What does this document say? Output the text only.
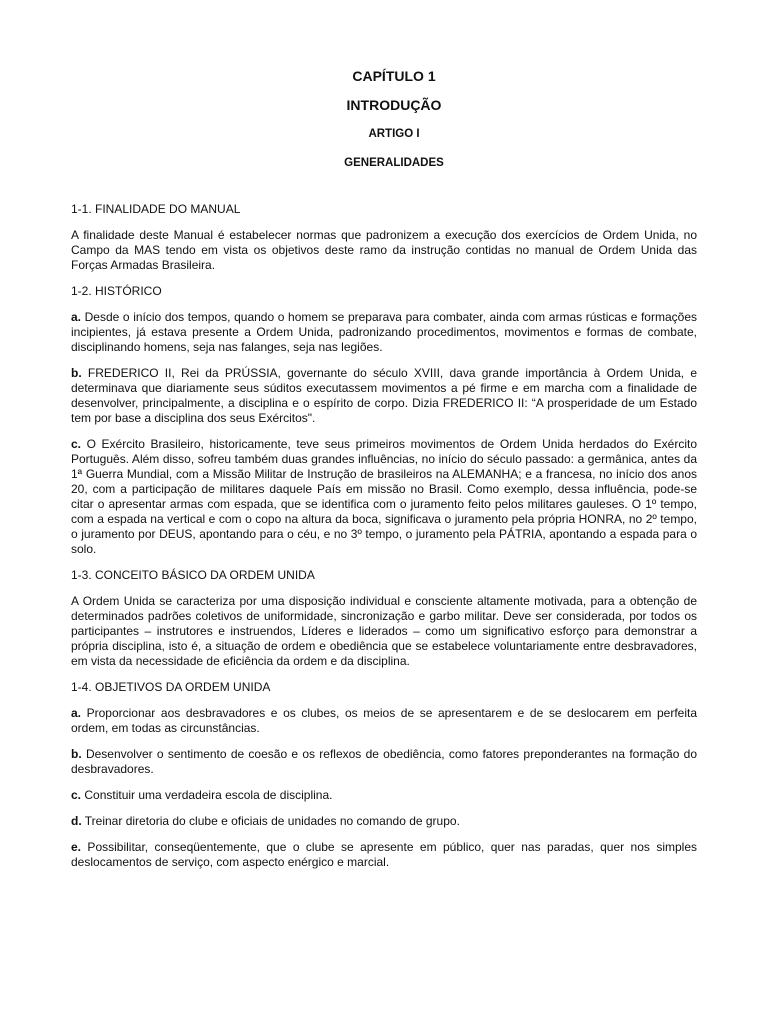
CAPÍTULO 1

INTRODUÇÃO

ARTIGO I

GENERALIDADES

1-1. FINALIDADE DO MANUAL

A finalidade deste Manual é estabelecer normas que padronizem a execução dos exercícios de Ordem Unida, no Campo da MAS tendo em vista os objetivos deste ramo da instrução contidas no manual de Ordem Unida das Forças Armadas Brasileira.

1-2. HISTÓRICO

a. Desde o início dos tempos, quando o homem se preparava para combater, ainda com armas rústicas e formações incipientes, já estava presente a Ordem Unida, padronizando procedimentos, movimentos e formas de combate, disciplinando homens, seja nas falanges, seja nas legiões.

b. FREDERICO II, Rei da PRÚSSIA, governante do século XVIII, dava grande importância à Ordem Unida, e determinava que diariamente seus súditos executassem movimentos a pé firme e em marcha com a finalidade de desenvolver, principalmente, a disciplina e o espírito de corpo. Dizia FREDERICO II: “A prosperidade de um Estado tem por base a disciplina dos seus Exércitos".

c. O Exército Brasileiro, historicamente, teve seus primeiros movimentos de Ordem Unida herdados do Exército Português. Além disso, sofreu também duas grandes influências, no início do século passado: a germânica, antes da 1ª Guerra Mundial, com a Missão Militar de Instrução de brasileiros na ALEMANHA; e a francesa, no início dos anos 20, com a participação de militares daquele País em missão no Brasil. Como exemplo, dessa influência, pode-se citar o apresentar armas com espada, que se identifica com o juramento feito pelos militares gauleses. O 1º tempo, com a espada na vertical e com o copo na altura da boca, significava o juramento pela própria HONRA, no 2º tempo, o juramento por DEUS, apontando para o céu, e no 3º tempo, o juramento pela PÁTRIA, apontando a espada para o solo.

1-3. CONCEITO BÁSICO DA ORDEM UNIDA

A Ordem Unida se caracteriza por uma disposição individual e consciente altamente motivada, para a obtenção de determinados padrões coletivos de uniformidade, sincronização e garbo militar. Deve ser considerada, por todos os participantes – instrutores e instruendos, Líderes e liderados – como um significativo esforço para demonstrar a própria disciplina, isto é, a situação de ordem e obediência que se estabelece voluntariamente entre desbravadores, em vista da necessidade de eficiência da ordem e da disciplina.

1-4. OBJETIVOS DA ORDEM UNIDA

a. Proporcionar aos desbravadores e os clubes, os meios de se apresentarem e de se deslocarem em perfeita ordem, em todas as circunstâncias.

b. Desenvolver o sentimento de coesão e os reflexos de obediência, como fatores preponderantes na formação do desbravadores.

c. Constituir uma verdadeira escola de disciplina.

d. Treinar diretoria do clube e oficiais de unidades no comando de grupo.

e. Possibilitar, conseqüentemente, que o clube se apresente em público, quer nas paradas, quer nos simples deslocamentos de serviço, com aspecto enérgico e marcial.
